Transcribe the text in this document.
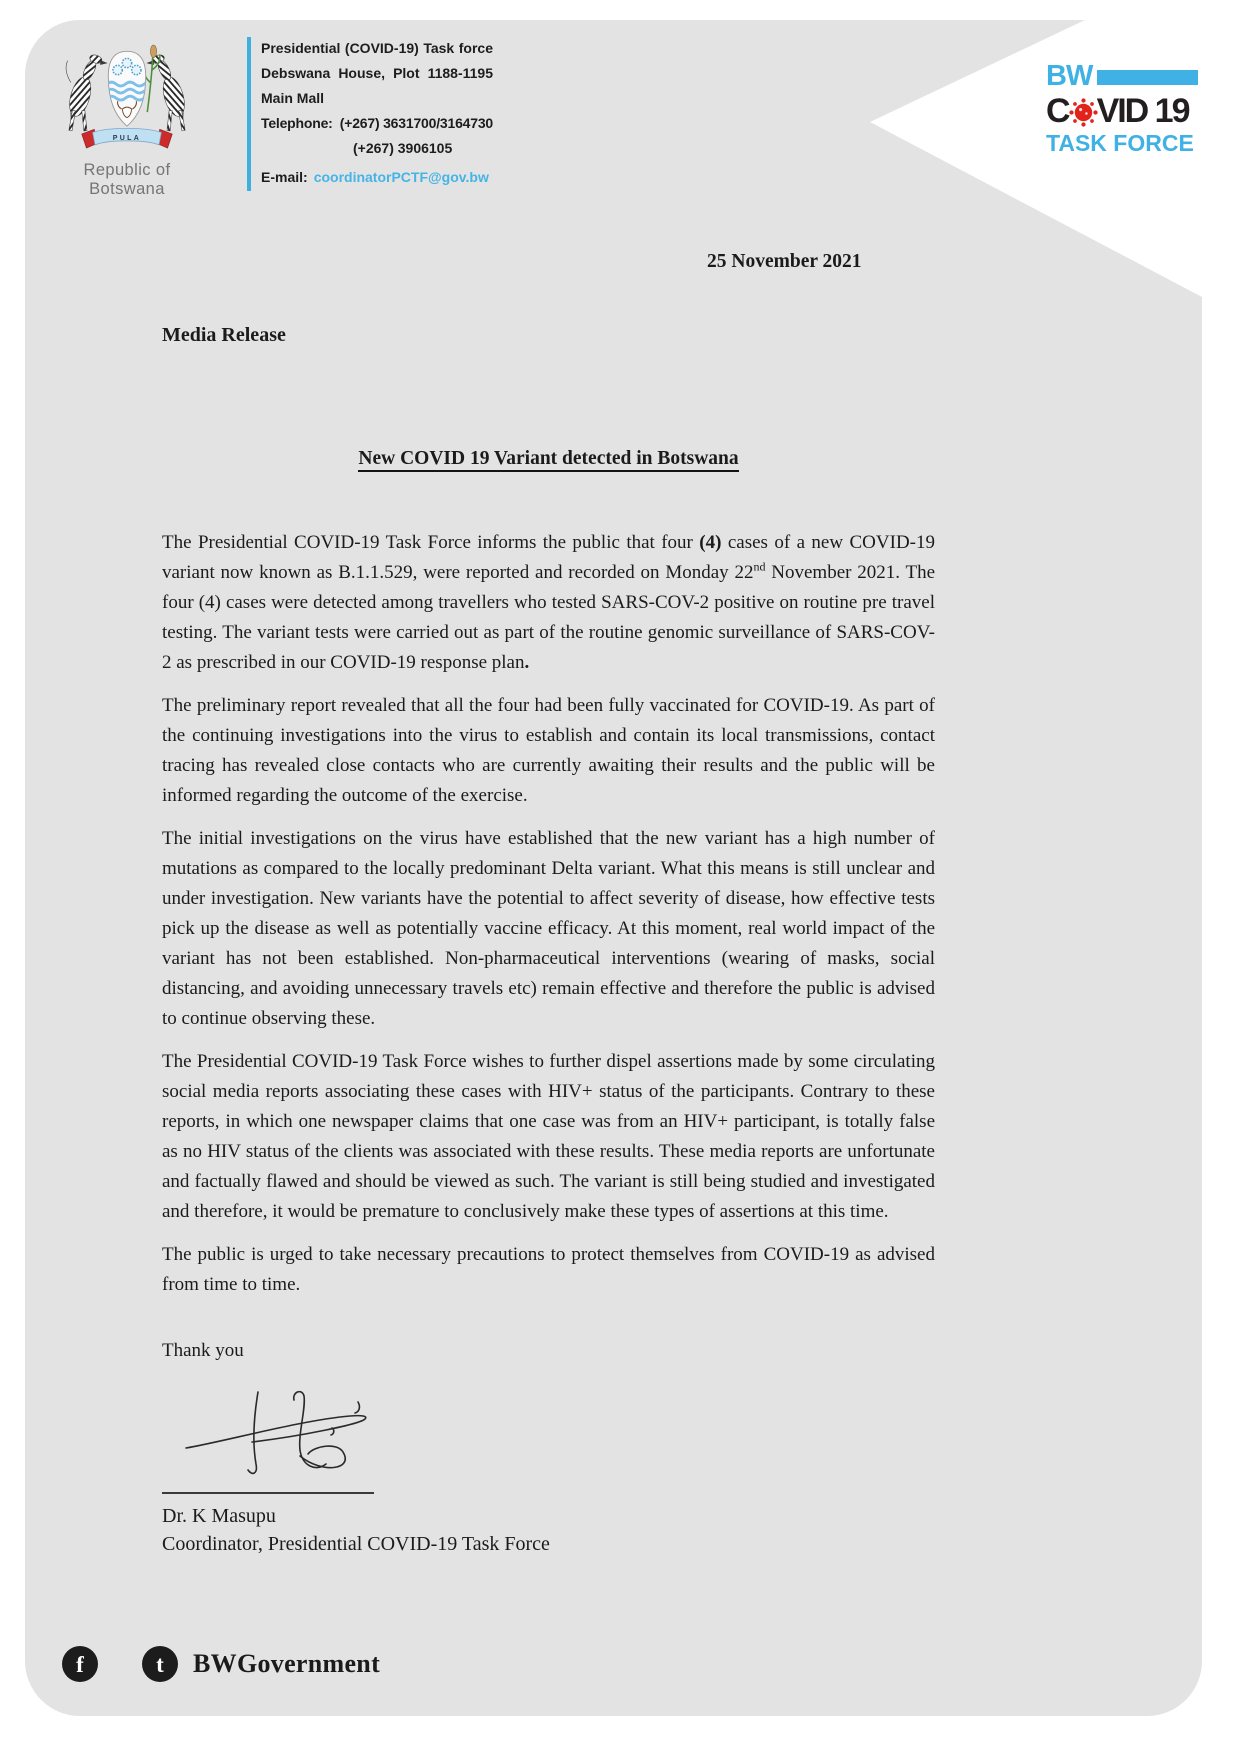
PULA
Republic of Botswana
Presidential (COVID-19) Task force
Debswana House, Plot 1188-1195
Main Mall
Telephone: (+267) 3631700/3164730
(+267) 3906105
E-mail: coordinatorPCTF@gov.bw
BW
C VID 19
TASK FORCE
25 November 2021
Media Release
New COVID 19 Variant detected in Botswana

The Presidential COVID-19 Task Force informs the public that four (4) cases of a new COVID-19 variant now known as B.1.1.529, were reported and recorded on Monday 22nd November 2021. The four (4) cases were detected among travellers who tested SARS-COV-2 positive on routine pre travel testing. The variant tests were carried out as part of the routine genomic surveillance of SARS-COV-2 as prescribed in our COVID-19 response plan.

The preliminary report revealed that all the four had been fully vaccinated for COVID-19. As part of the continuing investigations into the virus to establish and contain its local transmissions, contact tracing has revealed close contacts who are currently awaiting their results and the public will be informed regarding the outcome of the exercise.

The initial investigations on the virus have established that the new variant has a high number of mutations as compared to the locally predominant Delta variant. What this means is still unclear and under investigation. New variants have the potential to affect severity of disease, how effective tests pick up the disease as well as potentially vaccine efficacy. At this moment, real world impact of the variant has not been established. Non-pharmaceutical interventions (wearing of masks, social distancing, and avoiding unnecessary travels etc) remain effective and therefore the public is advised to continue observing these.

The Presidential COVID-19 Task Force wishes to further dispel assertions made by some circulating social media reports associating these cases with HIV+ status of the participants. Contrary to these reports, in which one newspaper claims that one case was from an HIV+ participant, is totally false as no HIV status of the clients was associated with these results. These media reports are unfortunate and factually flawed and should be viewed as such. The variant is still being studied and investigated and therefore, it would be premature to conclusively make these types of assertions at this time.

The public is urged to take necessary precautions to protect themselves from COVID-19 as advised from time to time.

Thank you
Dr. K Masupu
Coordinator, Presidential COVID-19 Task Force
f	t	BWGovernment
